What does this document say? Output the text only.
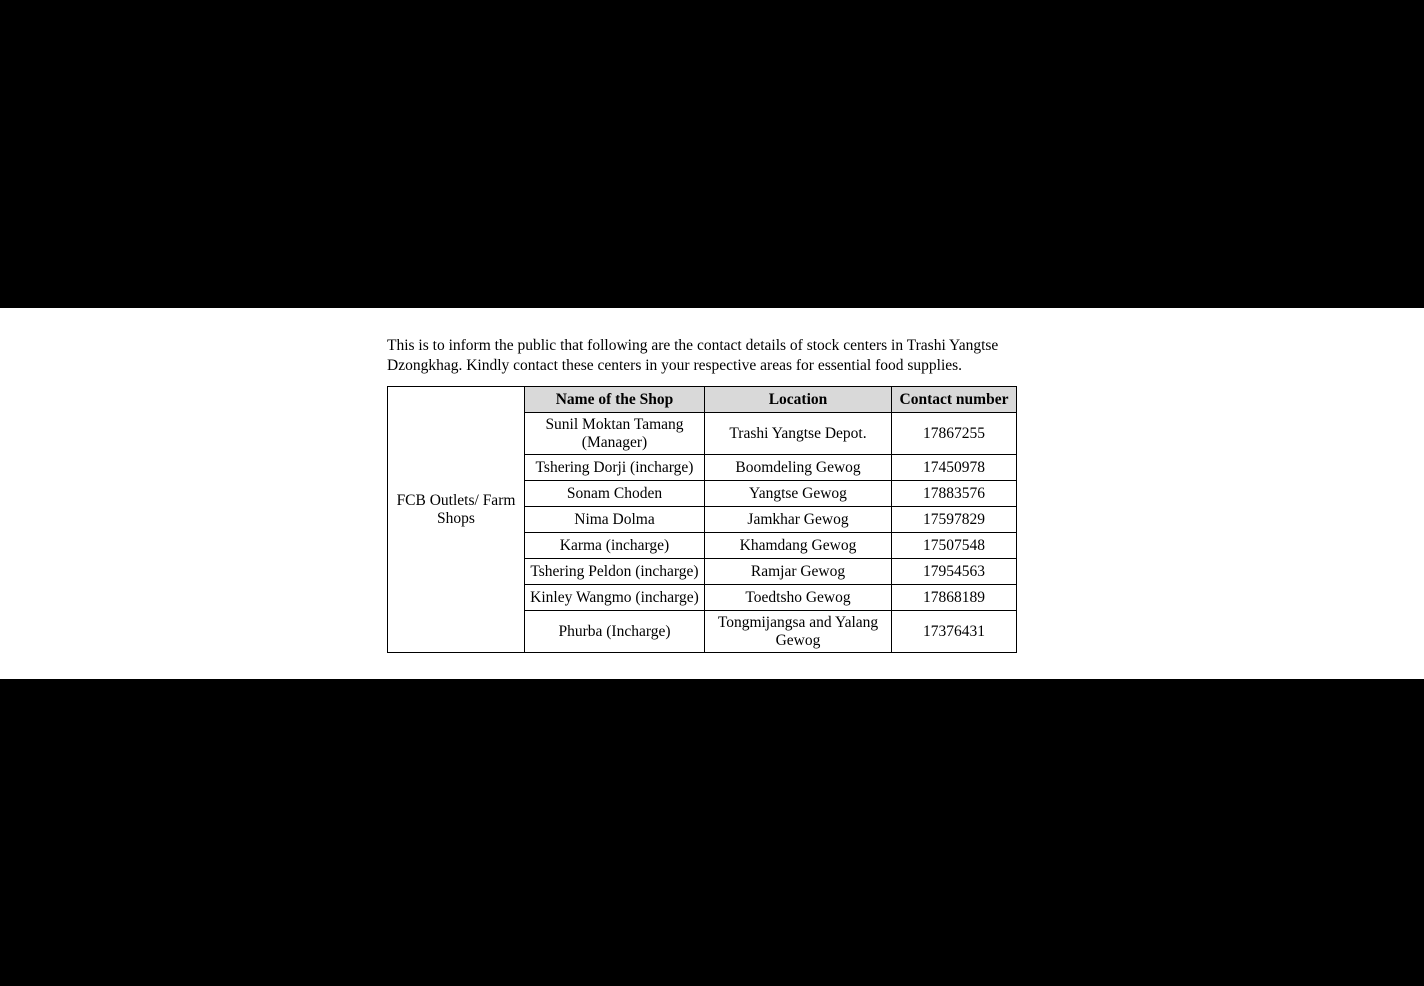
This is to inform the public that following are the contact details of stock centers in Trashi Yangtse Dzongkhag. Kindly contact these centers in your respective areas for essential food supplies.

FCB Outlets/ Farm Shops	Name of the Shop	Location	Contact number
	Sunil Moktan Tamang (Manager)	Trashi Yangtse Depot.	17867255
	Tshering Dorji (incharge)	Boomdeling Gewog	17450978
	Sonam Choden	Yangtse Gewog	17883576
	Nima Dolma	Jamkhar Gewog	17597829
	Karma (incharge)	Khamdang Gewog	17507548
	Tshering Peldon (incharge)	Ramjar Gewog	17954563
	Kinley Wangmo (incharge)	Toedtsho Gewog	17868189
	Phurba (Incharge)	Tongmijangsa and Yalang Gewog	17376431
